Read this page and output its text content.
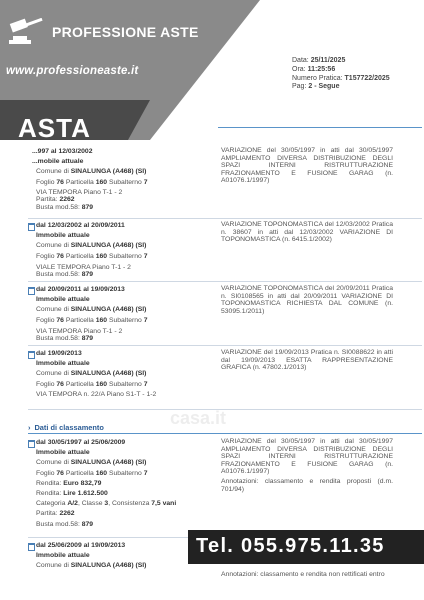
PROFESSIONE ASTE
www.professioneaste.it
ASTA
Data: 25/11/2025
Ora: 11:25:56
Numero Pratica: T157722/2025
Pag: 2 - Segue
...997 al 12/03/2002
...mobile attuale
Comune di SINALUNGA (A468) (SI)
Foglio 76 Particella 160 Subalterno 7
VIA TEMPORA Piano T-1 - 2
Partita: 2262
Busta mod.58: 879
VARIAZIONE del 30/05/1997 in atti dal 30/05/1997 AMPLIAMENTO DIVERSA DISTRIBUZIONE DEGLI SPAZI INTERNI RISTRUTTURAZIONE FRAZIONAMENTO E FUSIONE GARAG (n. A01076.1/1997)
dal 12/03/2002 al 20/09/2011
Immobile attuale
Comune di SINALUNGA (A468) (SI)
Foglio 76 Particella 160 Subalterno 7
VIALE TEMPORA Piano T-1 - 2
Busta mod.58: 879
VARIAZIONE TOPONOMASTICA del 12/03/2002 Pratica n. 38607 in atti dal 12/03/2002 VARIAZIONE DI TOPONOMASTICA (n. 6415.1/2002)
dal 20/09/2011 al 19/09/2013
Immobile attuale
Comune di SINALUNGA (A468) (SI)
Foglio 76 Particella 160 Subalterno 7
VIA TEMPORA Piano T-1 - 2
Busta mod.58: 879
VARIAZIONE TOPONOMASTICA del 20/09/2011 Pratica n. SI0108565 in atti dal 20/09/2011 VARIAZIONE DI TOPONOMASTICA RICHIESTA DAL COMUNE (n. 53095.1/2011)
dal 19/09/2013
Immobile attuale
Comune di SINALUNGA (A468) (SI)
Foglio 76 Particella 160 Subalterno 7
VIA TEMPORA n. 22/A Piano S1-T - 1-2
VARIAZIONE del 19/09/2013 Pratica n. SI0088622 in atti dal 19/09/2013 ESATTA RAPPRESENTAZIONE GRAFICA (n. 47802.1/2013)
› Dati di classamento	casa.it
dal 30/05/1997 al 25/06/2009
Immobile attuale
Comune di SINALUNGA (A468) (SI)
Foglio 76 Particella 160 Subalterno 7
Rendita: Euro 832,79
Rendita: Lire 1.612.500
Categoria A/2, Classe 3, Consistenza 7,5 vani
Partita: 2262
Busta mod.58: 879
VARIAZIONE del 30/05/1997 in atti dal 30/05/1997 AMPLIAMENTO DIVERSA DISTRIBUZIONE DEGLI SPAZI INTERNI RISTRUTTURAZIONE FRAZIONAMENTO E FUSIONE GARAG (n. A01076.1/1997)
Annotazioni: classamento e rendita proposti (d.m. 701/94)
dal 25/06/2009 al 19/09/2013
Immobile attuale
Comune di SINALUNGA (A468) (SI)
Annotazioni: classamento e rendita non rettificati entro
Tel. 055.975.11.35
